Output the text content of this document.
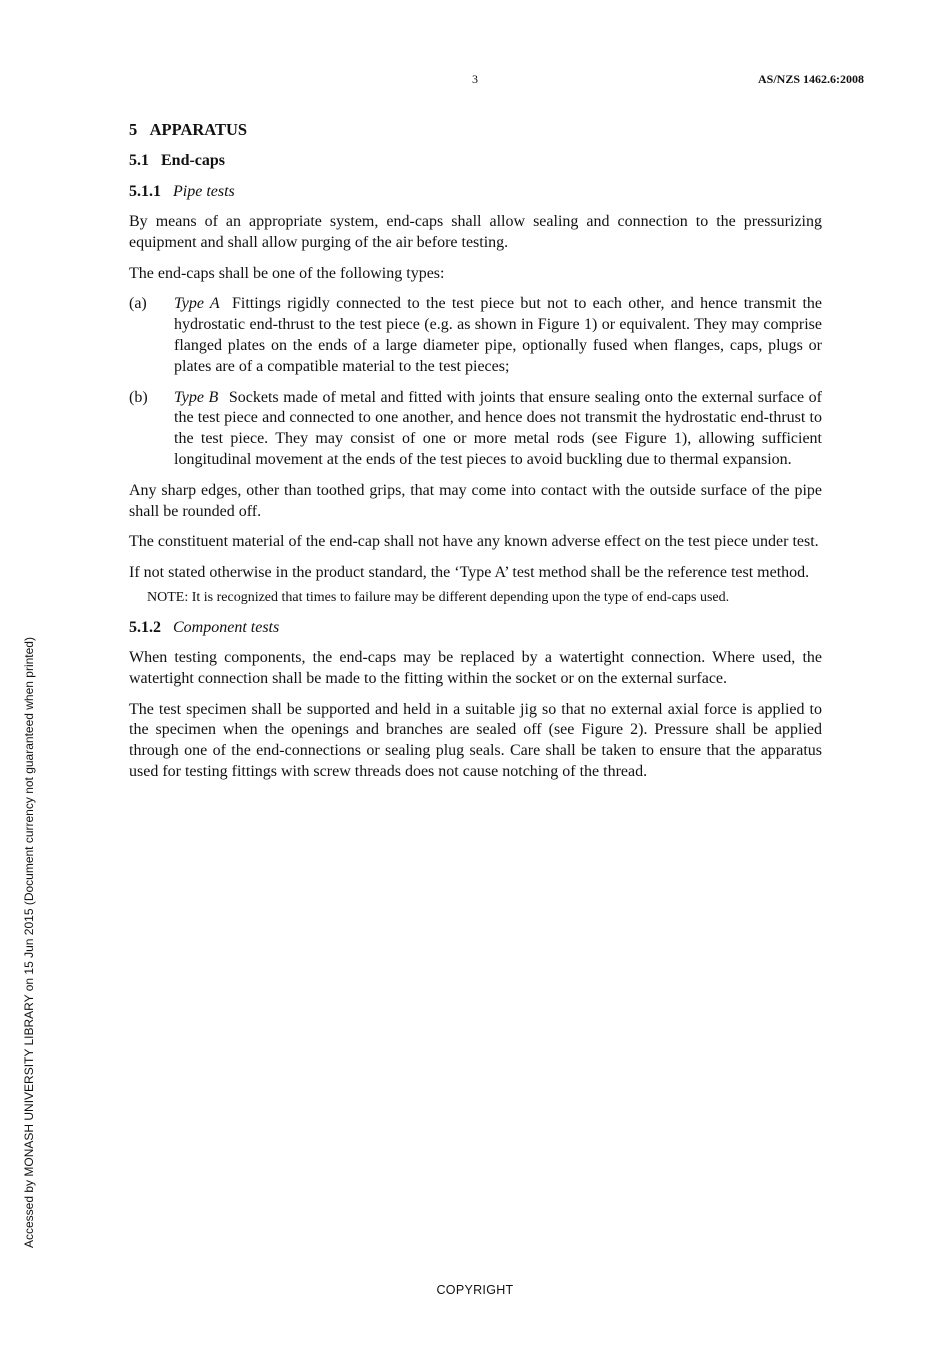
3	AS/NZS 1462.6:2008
5 APPARATUS
5.1 End-caps
5.1.1 Pipe tests

By means of an appropriate system, end-caps shall allow sealing and connection to the pressurizing equipment and shall allow purging of the air before testing.

The end-caps shall be one of the following types:

(a)	Type A Fittings rigidly connected to the test piece but not to each other, and hence transmit the hydrostatic end-thrust to the test piece (e.g. as shown in Figure 1) or equivalent. They may comprise flanged plates on the ends of a large diameter pipe, optionally fused when flanges, caps, plugs or plates are of a compatible material to the test pieces;
(b)	Type B Sockets made of metal and fitted with joints that ensure sealing onto the external surface of the test piece and connected to one another, and hence does not transmit the hydrostatic end-thrust to the test piece. They may consist of one or more metal rods (see Figure 1), allowing sufficient longitudinal movement at the ends of the test pieces to avoid buckling due to thermal expansion.

Any sharp edges, other than toothed grips, that may come into contact with the outside surface of the pipe shall be rounded off.

The constituent material of the end-cap shall not have any known adverse effect on the test piece under test.

If not stated otherwise in the product standard, the ‘Type A’ test method shall be the reference test method.

NOTE: It is recognized that times to failure may be different depending upon the type of end-caps used.
5.1.2 Component tests

When testing components, the end-caps may be replaced by a watertight connection. Where used, the watertight connection shall be made to the fitting within the socket or on the external surface.

The test specimen shall be supported and held in a suitable jig so that no external axial force is applied to the specimen when the openings and branches are sealed off (see Figure 2). Pressure shall be applied through one of the end-connections or sealing plug seals. Care shall be taken to ensure that the apparatus used for testing fittings with screw threads does not cause notching of the thread.

Accessed by MONASH UNIVERSITY LIBRARY on 15 Jun 2015 (Document currency not guaranteed when printed)
COPYRIGHT
